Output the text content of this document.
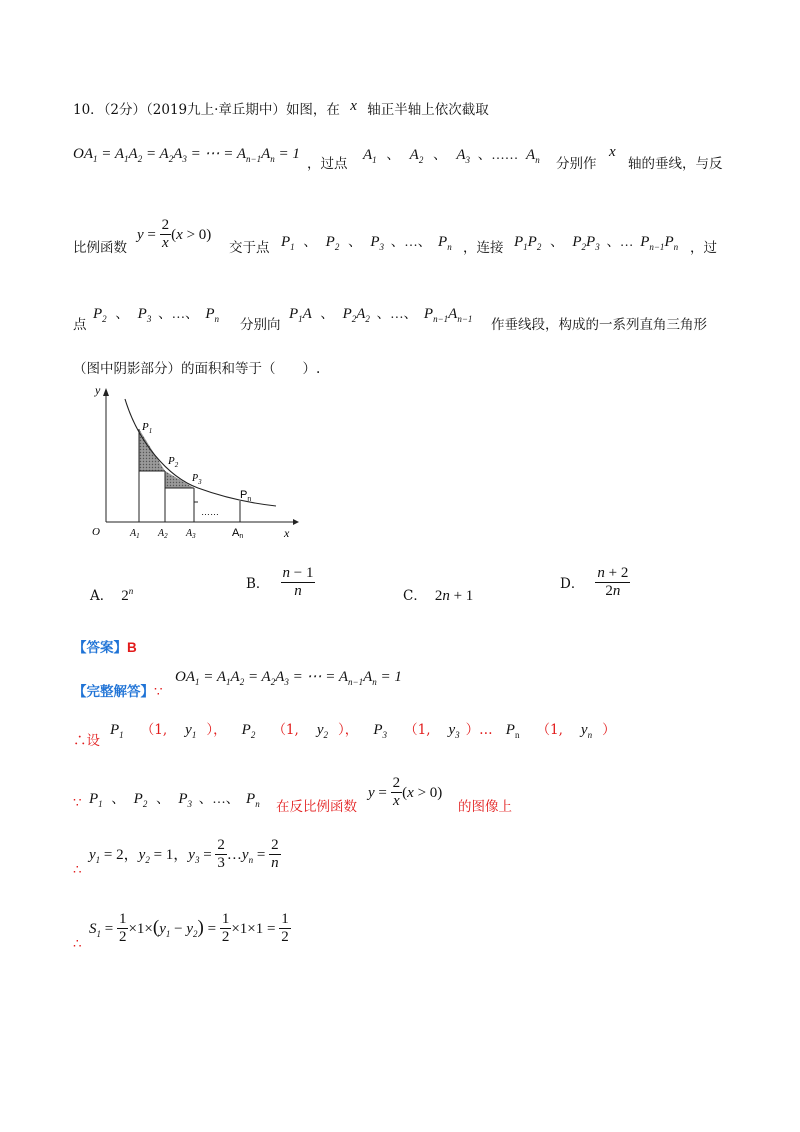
10．（2分）（2019九上·章丘期中）如图，在 x 轴正半轴上依次截取
$OA_1 = A_1A_2 = A_2A_3$ = ⋯ = $A_{n-1}A_n = 1$
，过点
$A_1$ 、 $A_2$ 、 $A_3$ 、…… $A_n$ 分别作
x
轴的垂线，与反
比例函数
$y = \frac{2}{x} (x > 0)$
交于点 $P_1$ 、 $P_2$ 、 $P_3$ 、…、 $P_n$ ，连接 $P_1P_2$ 、 $P_2P_3$ 、… $P_{n-1}P_n$ ，过
点
$P_2$ 、 $P_3$ 、…、 $P_n$ 分别向
$P_1A$ 、 $P_2A_2$ 、…、 $P_{n-1}A_{n-1}$ 作垂线段，构成的一系列直角三角形
（图中阴影部分）的面积和等于（　　）.
y
x
O
$P_1$
$P_2$
$P_3$
$P_n$
$A_1$ $A_2$ $A_3$	An
……
A． 2$^n$	B． $\frac{n - 1}{n}$	C． 2n + 1
D． $\frac{n + 2}{2n}$
【答案】B
【完整解答】∵
$OA_1 = A_1A_2 = A_2A_3$ = ⋯ = $A_{n-1}A_n = 1$
∴设
$P_1$ （1, $y_1$ ）， $P_2$ （1, $y_2$ ）， $P_3$ （1, $y_3$ ）… $P_n$ （1, $y_n$ ）
∵ $P_1$ 、 $P_2$ 、 $P_3$ 、…、 $P_n$ 在反比例函数
$y = \frac{2}{x} (x > 0)$
的图像上
∴
$y_1 = 2$，$y_2 = 1$，$y_3 = \frac{2}{3}$ $\dots y_n = \frac{2}{n}$
∴
$S_1 = \frac{1}{2} \times 1\times(y_1 - y_2) = \frac{1}{2} \times 1\times 1 = \frac{1}{2}$
